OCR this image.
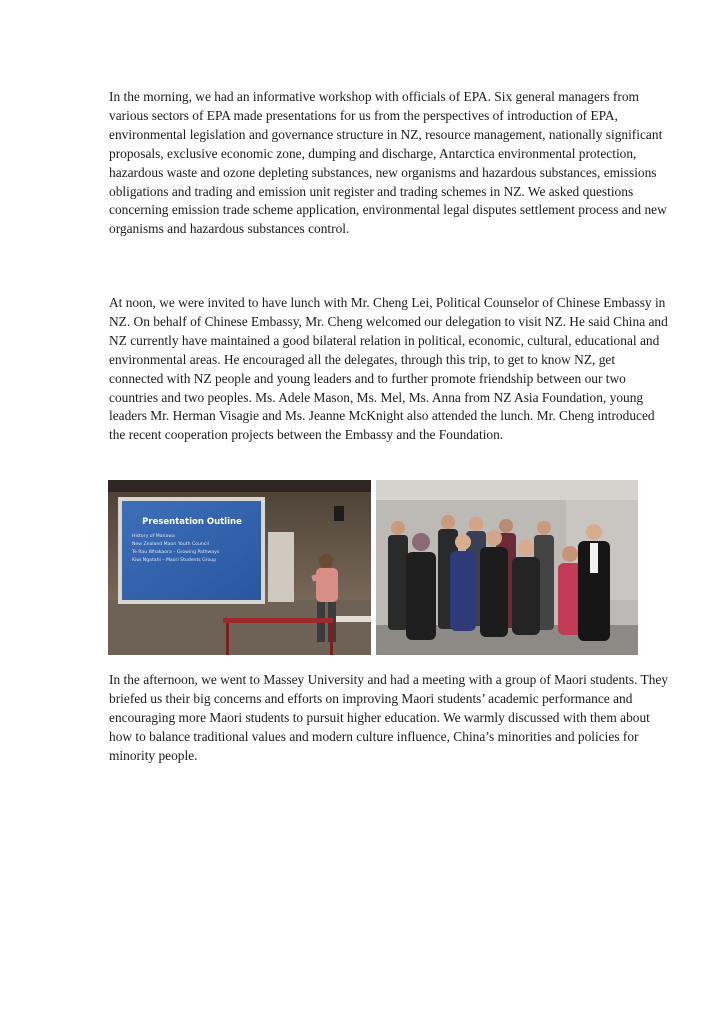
In the morning, we had an informative workshop with officials of EPA. Six general managers from various sectors of EPA made presentations for us from the perspectives of introduction of EPA, environmental legislation and governance structure in NZ, resource management, nationally significant proposals, exclusive economic zone, dumping and discharge, Antarctica environmental protection, hazardous waste and ozone depleting substances, new organisms and hazardous substances, emissions obligations and trading and emission unit register and trading schemes in NZ. We asked questions concerning emission trade scheme application, environmental legal disputes settlement process and new organisms and hazardous substances control.

At noon, we were invited to have lunch with Mr. Cheng Lei, Political Counselor of Chinese Embassy in NZ. On behalf of Chinese Embassy, Mr. Cheng welcomed our delegation to visit NZ. He said China and NZ currently have maintained a good bilateral relation in political, economic, cultural, educational and environmental areas. He encouraged all the delegates, through this trip, to get to know NZ, get connected with NZ people and young leaders and to further promote friendship between our two countries and two peoples. Ms. Adele Mason, Ms. Mel, Ms. Anna from NZ Asia Foundation, young leaders Mr. Herman Visagie and Ms. Jeanne McKnight also attended the lunch. Mr. Cheng introduced the recent cooperation projects between the Embassy and the Foundation.

Presentation Outline
History of Manawa
New Zealand Maori Youth Council
Te Rau Whakaora – Growing Pathways
Kiwi Ngatahi – Maori Students Group

In the afternoon, we went to Massey University and had a meeting with a group of Maori students. They briefed us their big concerns and efforts on improving Maori students’ academic performance and encouraging more Maori students to pursuit higher education. We warmly discussed with them about how to balance traditional values and modern culture influence, China’s minorities and policies for minority people.
